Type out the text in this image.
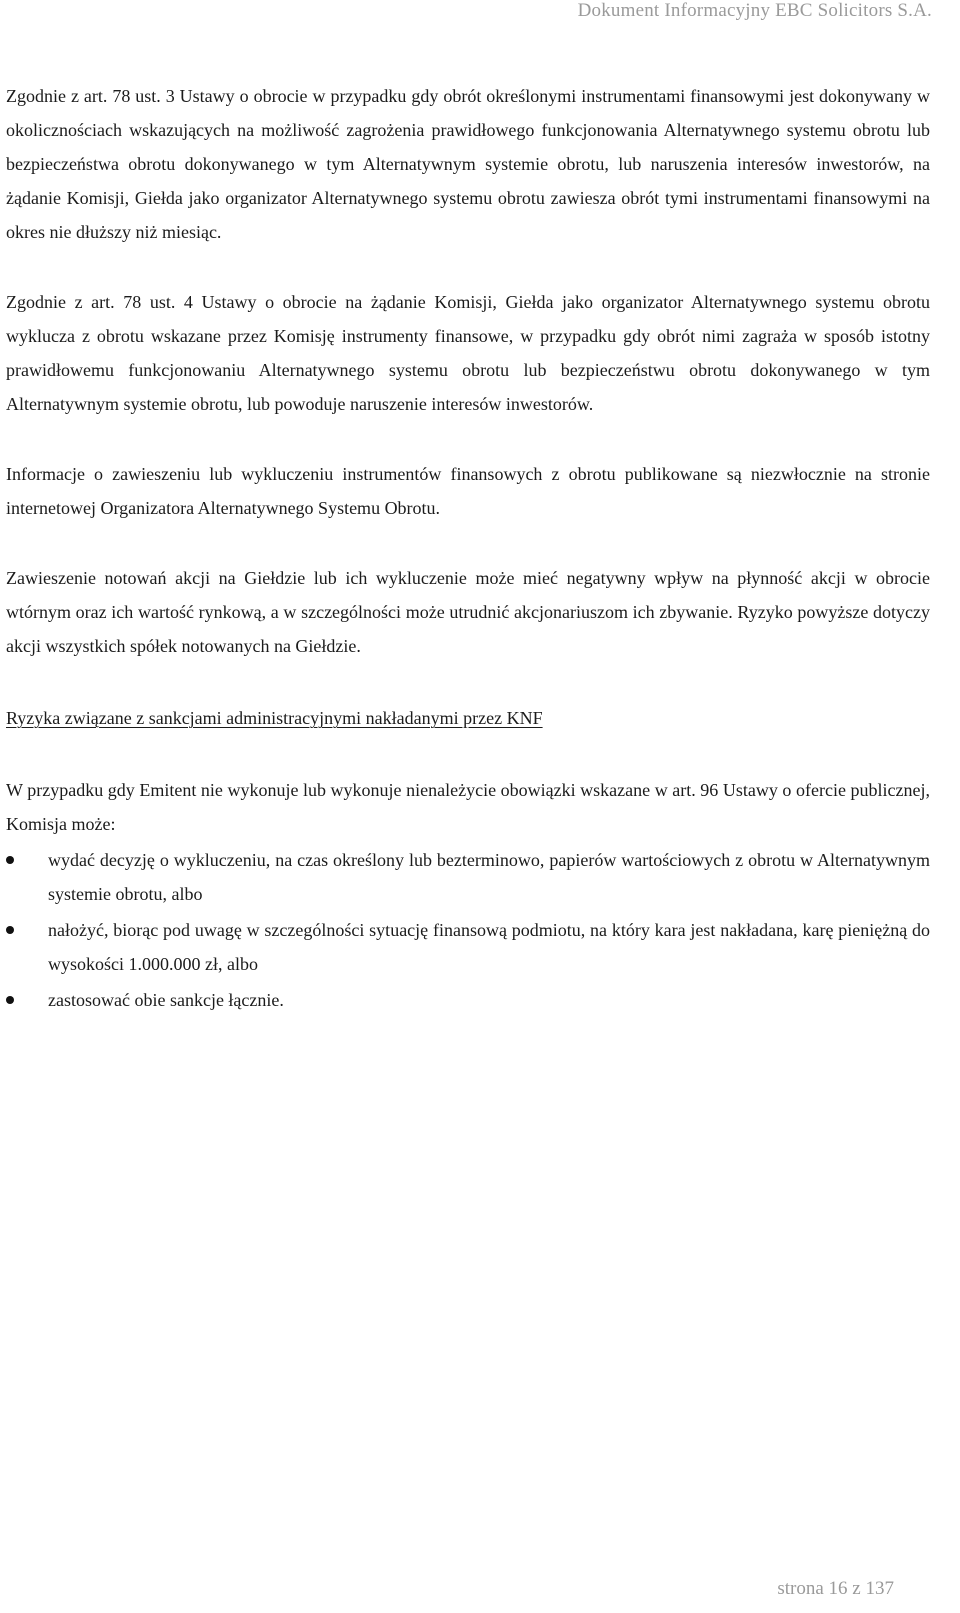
Dokument Informacyjny EBC Solicitors S.A.

Zgodnie z art. 78 ust. 3 Ustawy o obrocie w przypadku gdy obrót określonymi instrumentami finansowymi jest dokonywany w okolicznościach wskazujących na możliwość zagrożenia prawidłowego funkcjonowania Alternatywnego systemu obrotu lub bezpieczeństwa obrotu dokonywanego w tym Alternatywnym systemie obrotu, lub naruszenia interesów inwestorów, na żądanie Komisji, Giełda jako organizator Alternatywnego systemu obrotu zawiesza obrót tymi instrumentami finansowymi na okres nie dłuższy niż miesiąc.

Zgodnie z art. 78 ust. 4 Ustawy o obrocie na żądanie Komisji, Giełda jako organizator Alternatywnego systemu obrotu wyklucza z obrotu wskazane przez Komisję instrumenty finansowe, w przypadku gdy obrót nimi zagraża w sposób istotny prawidłowemu funkcjonowaniu Alternatywnego systemu obrotu lub bezpieczeństwu obrotu dokonywanego w tym Alternatywnym systemie obrotu, lub powoduje naruszenie interesów inwestorów.

Informacje o zawieszeniu lub wykluczeniu instrumentów finansowych z obrotu publikowane są niezwłocznie na stronie internetowej Organizatora Alternatywnego Systemu Obrotu.

Zawieszenie notowań akcji na Giełdzie lub ich wykluczenie może mieć negatywny wpływ na płynność akcji w obrocie wtórnym oraz ich wartość rynkową, a w szczególności może utrudnić akcjonariuszom ich zbywanie. Ryzyko powyższe dotyczy akcji wszystkich spółek notowanych na Giełdzie.

Ryzyka związane z sankcjami administracyjnymi nakładanymi przez KNF

W przypadku gdy Emitent nie wykonuje lub wykonuje nienależycie obowiązki wskazane w art. 96 Ustawy o ofercie publicznej, Komisja może:

wydać decyzję o wykluczeniu, na czas określony lub bezterminowo, papierów wartościowych z obrotu w Alternatywnym systemie obrotu, albo
nałożyć, biorąc pod uwagę w szczególności sytuację finansową podmiotu, na który kara jest nakładana, karę pieniężną do wysokości 1.000.000 zł, albo
zastosować obie sankcje łącznie.
strona 16 z 137
